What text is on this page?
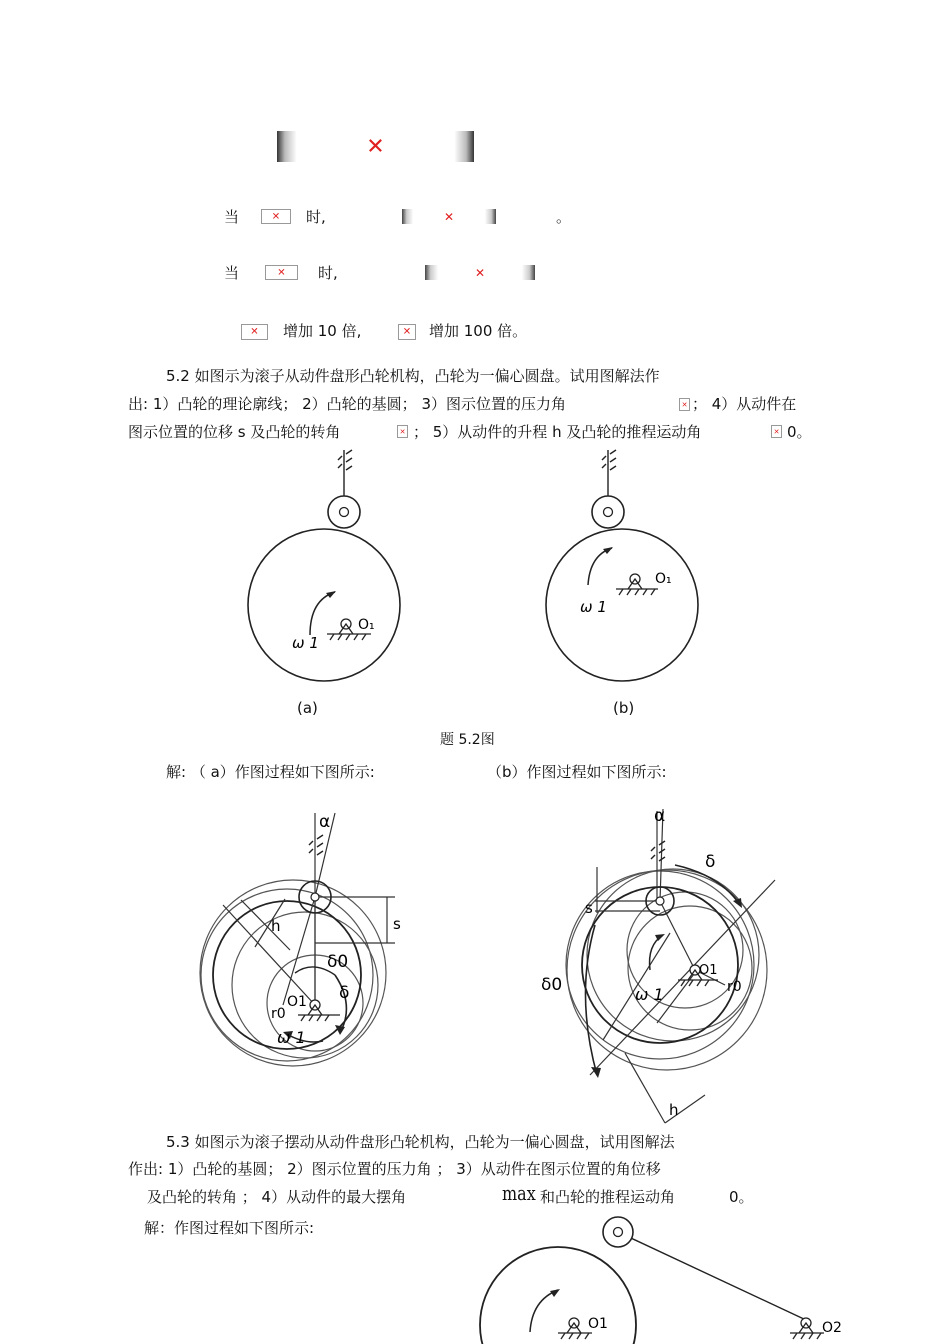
✕
当	✕ 时,	✕	。
当	✕ 时,	✕
✕ 增加 10 倍,	✕ 增加 100 倍。
5.2 如图示为滚子从动件盘形凸轮机构，凸轮为一偏心圆盘。试用图解法作
出: 1）凸轮的理论廓线； 2）凸轮的基圆； 3）图示位置的压力角	✕ ； 4）从动件在
图示位置的位移 s 及凸轮的转角	✕ ； 5）从动件的升程 h 及凸轮的推程运动角	✕ 0。
O₁
ω 1
(a)
O₁
ω 1
(b)
题 5.2图
解: （ a）作图过程如下图所示:	（b）作图过程如下图所示:
α
h	s
δ0
δ
O1
r0
ω 1
α
δ
s
O1
r0
δ0	ω 1
h
5.3 如图示为滚子摆动从动件盘形凸轮机构，凸轮为一偏心圆盘，试用图解法
作出: 1）凸轮的基圆； 2）图示位置的压力角 ； 3）从动件在图示位置的角位移
及凸轮的转角 ； 4）从动件的最大摆角	max 和凸轮的推程运动角	0。
解：作图过程如下图所示:
O1	O2
